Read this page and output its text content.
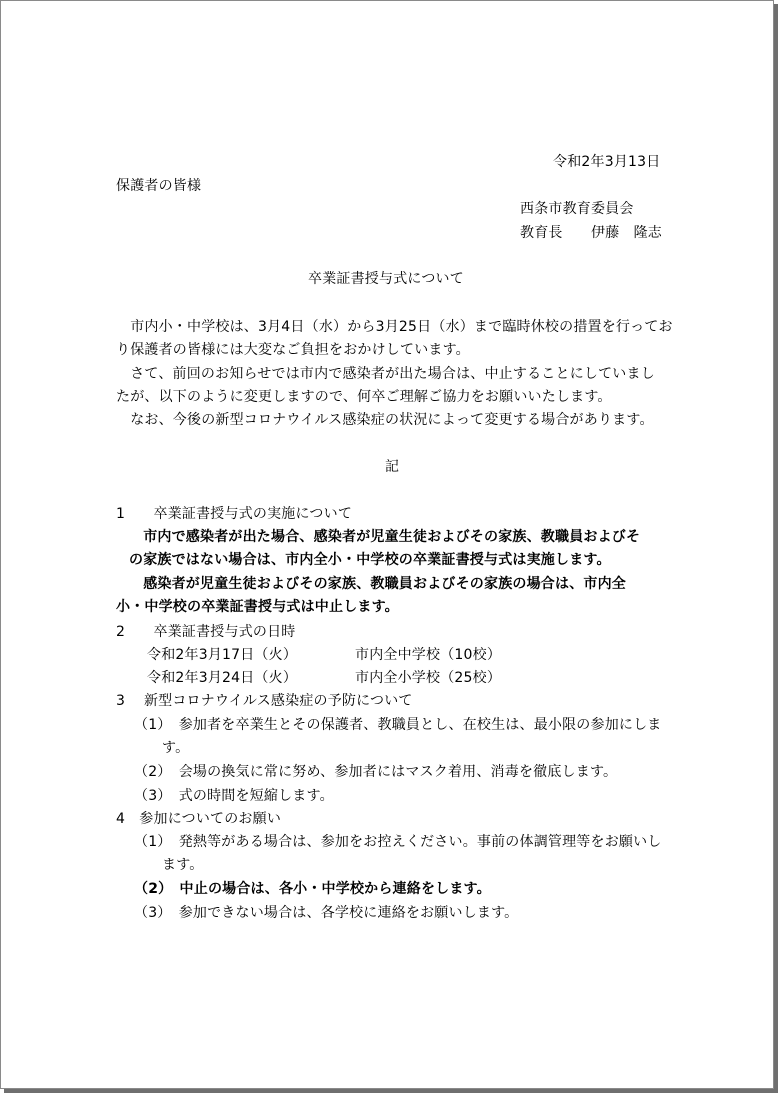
令和2年3月13日
保護者の皆様
西条市教育委員会
教育長　　伊藤　隆志
卒業証書授与式について
　市内小・中学校は、3月4日（水）から3月25日（水）まで臨時休校の措置を行ってお
り保護者の皆様には大変なご負担をおかけしています。
　さて、前回のお知らせでは市内で感染者が出た場合は、中止することにしていまし
たが、以下のように変更しますので、何卒ご理解ご協力をお願いいたします。
　なお、今後の新型コロナウイルス感染症の状況によって変更する場合があります。
記
1　　卒業証書授与式の実施について
　市内で感染者が出た場合、感染者が児童生徒およびその家族、教職員およびそ
の家族ではない場合は、市内全小・中学校の卒業証書授与式は実施します。
　感染者が児童生徒およびその家族、教職員およびその家族の場合は、市内全
小・中学校の卒業証書授与式は中止します。
2　　卒業証書授与式の日時
令和2年3月17日（火）	市内全中学校（10校）
令和2年3月24日（火）	市内全小学校（25校）
3　 新型コロナウイルス感染症の予防について
（1）　参加者を卒業生とその保護者、教職員とし、在校生は、最小限の参加にしま
す。
（2）　会場の換気に常に努め、参加者にはマスク着用、消毒を徹底します。
（3）　式の時間を短縮します。
4　参加についてのお願い
（1）　発熱等がある場合は、参加をお控えください。事前の体調管理等をお願いし
ます。
（2）　中止の場合は、各小・中学校から連絡をします。
（3）　参加できない場合は、各学校に連絡をお願いします。
